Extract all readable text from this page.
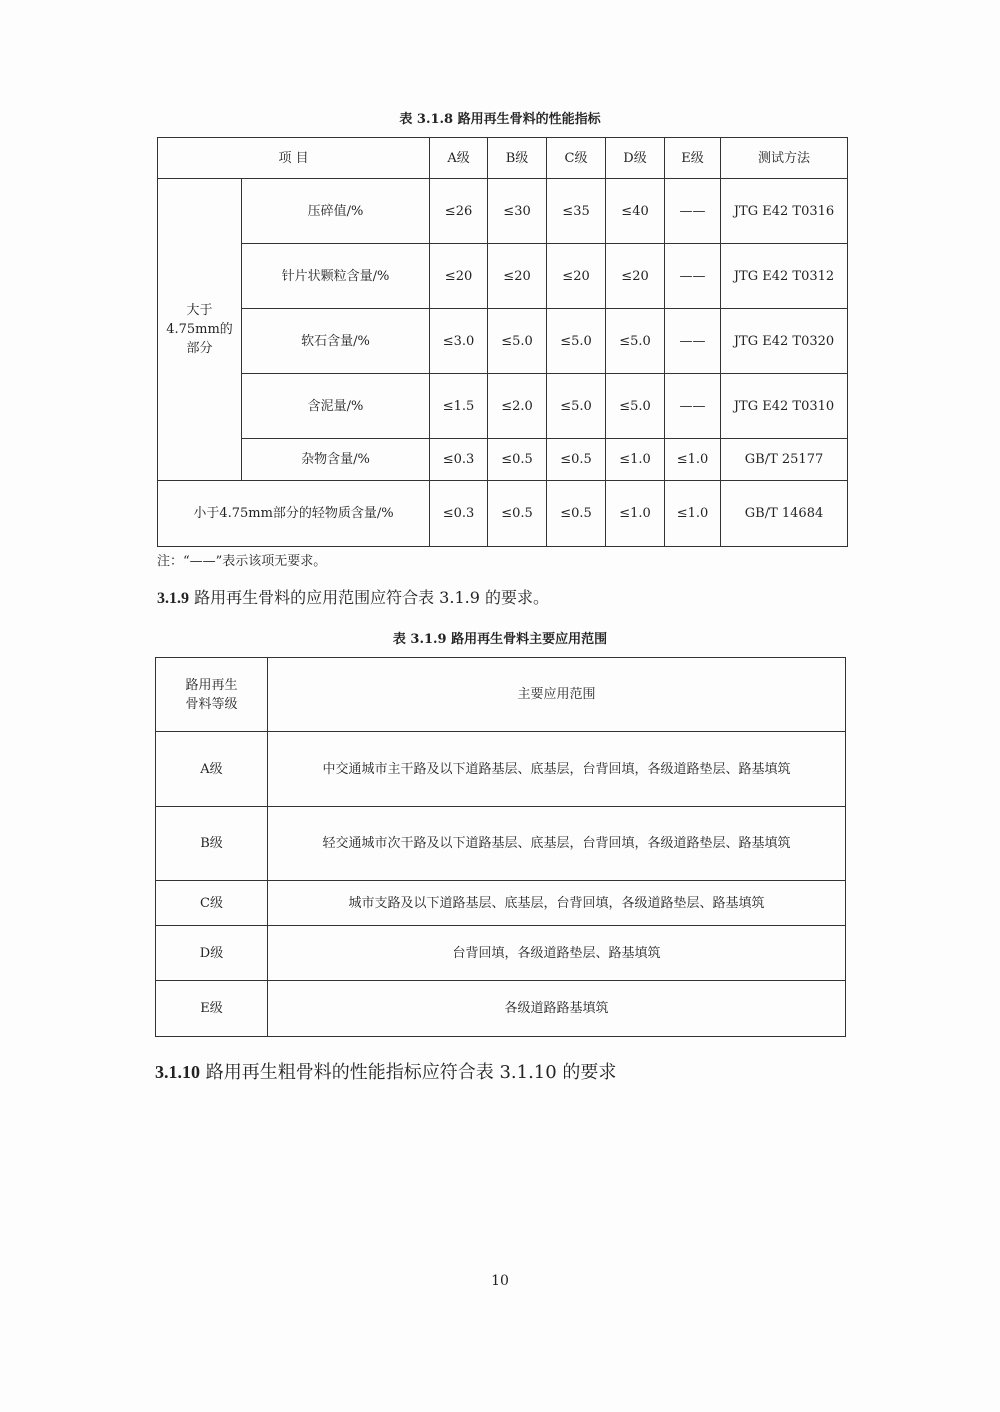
表 3.1.8 路用再生骨料的性能指标
项 目		A级	B级	C级	D级	E级	测试方法
大于4.75mm的部分	压碎值/%	≤26	≤30	≤35	≤40	——	JTG E42 T0316
	针片状颗粒含量/%	≤20	≤20	≤20	≤20	——	JTG E42 T0312
	软石含量/%	≤3.0	≤5.0	≤5.0	≤5.0	——	JTG E42 T0320
	含泥量/%	≤1.5	≤2.0	≤5.0	≤5.0	——	JTG E42 T0310
	杂物含量/%	≤0.3	≤0.5	≤0.5	≤1.0	≤1.0	GB/T 25177
小于4.75mm部分的轻物质含量/%		≤0.3	≤0.5	≤0.5	≤1.0	≤1.0	GB/T 14684
注：“——”表示该项无要求。
3.1.9 路用再生骨料的应用范围应符合表 3.1.9 的要求。
表 3.1.9 路用再生骨料主要应用范围
路用再生骨料等级	主要应用范围
A级	中交通城市主干路及以下道路基层、底基层，台背回填，各级道路垫层、路基填筑
B级	轻交通城市次干路及以下道路基层、底基层，台背回填，各级道路垫层、路基填筑
C级	城市支路及以下道路基层、底基层，台背回填，各级道路垫层、路基填筑
D级	台背回填，各级道路垫层、路基填筑
E级	各级道路路基填筑
3.1.10 路用再生粗骨料的性能指标应符合表 3.1.10 的要求
10
